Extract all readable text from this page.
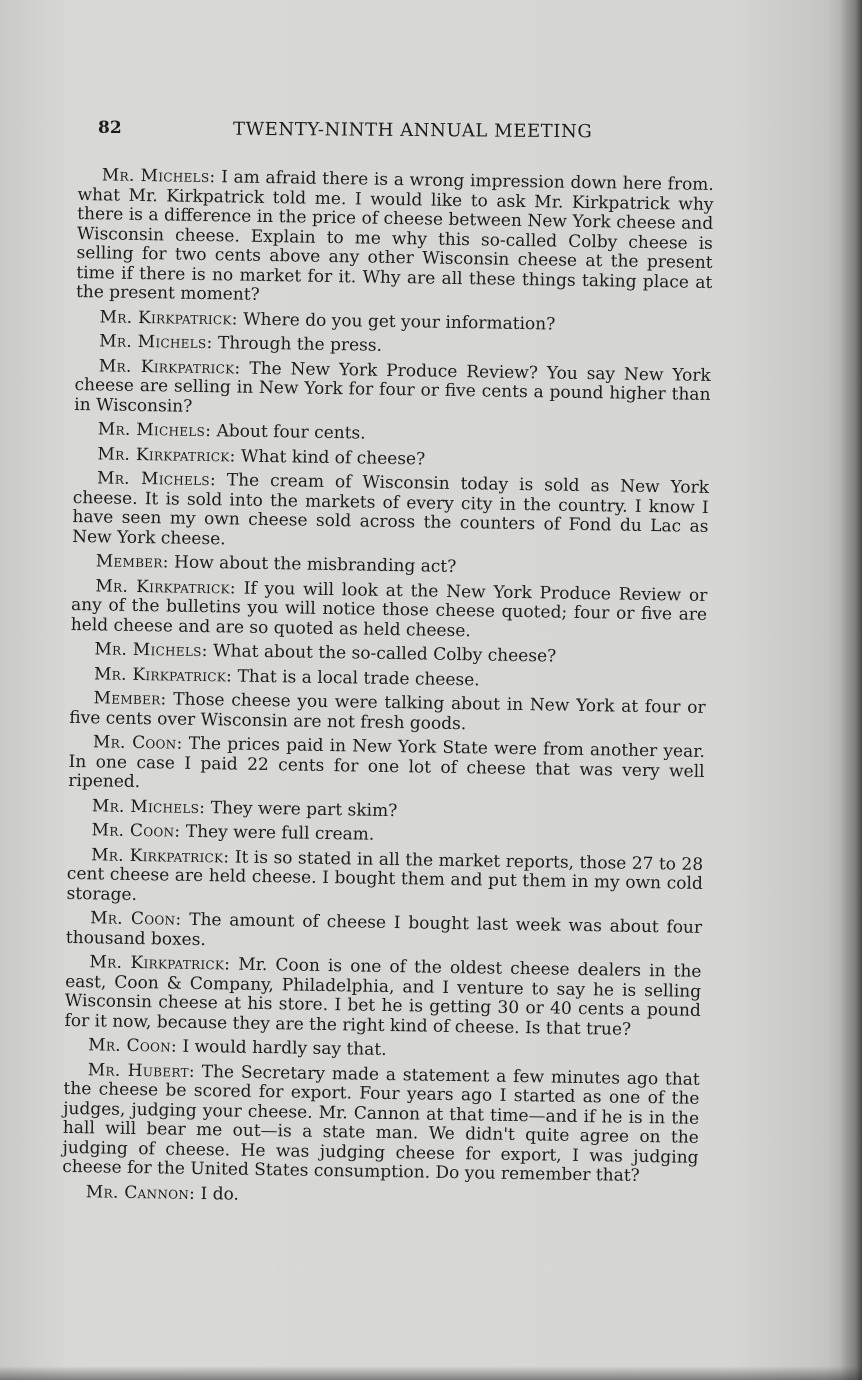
82	TWENTY-NINTH ANNUAL MEETING

Mr. Michels: I am afraid there is a wrong impression down here from. what Mr. Kirkpatrick told me. I would like to ask Mr. Kirkpatrick why there is a difference in the price of cheese between New York cheese and Wisconsin cheese. Explain to me why this so-called Colby cheese is selling for two cents above any other Wisconsin cheese at the present time if there is no market for it. Why are all these things taking place at the present moment?

Mr. Kirkpatrick: Where do you get your information?

Mr. Michels: Through the press.

Mr. Kirkpatrick: The New York Produce Review? You say New York cheese are selling in New York for four or five cents a pound higher than in Wisconsin?

Mr. Michels: About four cents.

Mr. Kirkpatrick: What kind of cheese?

Mr. Michels: The cream of Wisconsin today is sold as New York cheese. It is sold into the markets of every city in the country. I know I have seen my own cheese sold across the counters of Fond du Lac as New York cheese.

Member: How about the misbranding act?

Mr. Kirkpatrick: If you will look at the New York Produce Review or any of the bulletins you will notice those cheese quoted; four or five are held cheese and are so quoted as held cheese.

Mr. Michels: What about the so-called Colby cheese?

Mr. Kirkpatrick: That is a local trade cheese.

Member: Those cheese you were talking about in New York at four or five cents over Wisconsin are not fresh goods.

Mr. Coon: The prices paid in New York State were from another year. In one case I paid 22 cents for one lot of cheese that was very well ripened.

Mr. Michels: They were part skim?

Mr. Coon: They were full cream.

Mr. Kirkpatrick: It is so stated in all the market reports, those 27 to 28 cent cheese are held cheese. I bought them and put them in my own cold storage.

Mr. Coon: The amount of cheese I bought last week was about four thousand boxes.

Mr. Kirkpatrick: Mr. Coon is one of the oldest cheese dealers in the east, Coon & Company, Philadelphia, and I venture to say he is selling Wisconsin cheese at his store. I bet he is getting 30 or 40 cents a pound for it now, because they are the right kind of cheese. Is that true?

Mr. Coon: I would hardly say that.

Mr. Hubert: The Secretary made a statement a few minutes ago that the cheese be scored for export. Four years ago I started as one of the judges, judging your cheese. Mr. Cannon at that time—and if he is in the hall will bear me out—is a state man. We didn't quite agree on the judging of cheese. He was judging cheese for export, I was judging cheese for the United States consumption. Do you remember that?

Mr. Cannon: I do.
